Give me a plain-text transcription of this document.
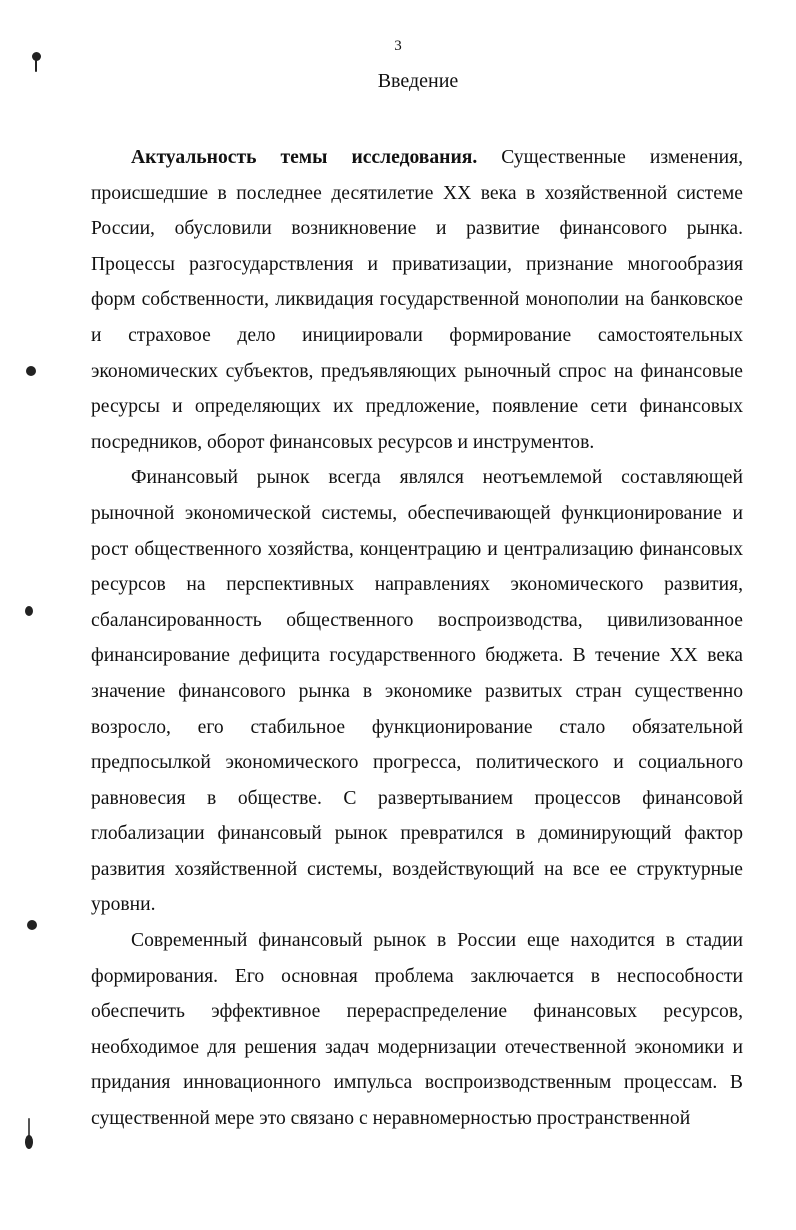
3
Введение

Актуальность темы исследования. Существенные изменения, происшедшие в последнее десятилетие XX века в хозяйственной системе России, обусловили возникновение и развитие финансового рынка. Процессы разгосударствления и приватизации, признание многообразия форм собственности, ликвидация государственной монополии на банковское и страховое дело инициировали формирование самостоятельных экономических субъектов, предъявляющих рыночный спрос на финансовые ресурсы и определяющих их предложение, появление сети финансовых посредников, оборот финансовых ресурсов и инструментов.

Финансовый рынок всегда являлся неотъемлемой составляющей рыночной экономической системы, обеспечивающей функционирование и рост общественного хозяйства, концентрацию и централизацию финансовых ресурсов на перспективных направлениях экономического развития, сбалансированность общественного воспроизводства, цивилизованное финансирование дефицита государственного бюджета. В течение XX века значение финансового рынка в экономике развитых стран существенно возросло, его стабильное функционирование стало обязательной предпосылкой экономического прогресса, политического и социального равновесия в обществе. С развертыванием процессов финансовой глобализации финансовый рынок превратился в доминирующий фактор развития хозяйственной системы, воздействующий на все ее структурные уровни.

Современный финансовый рынок в России еще находится в стадии формирования. Его основная проблема заключается в неспособности обеспечить эффективное перераспределение финансовых ресурсов, необходимое для решения задач модернизации отечественной экономики и придания инновационного импульса воспроизводственным процессам. В существенной мере это связано с неравномерностью пространственной
